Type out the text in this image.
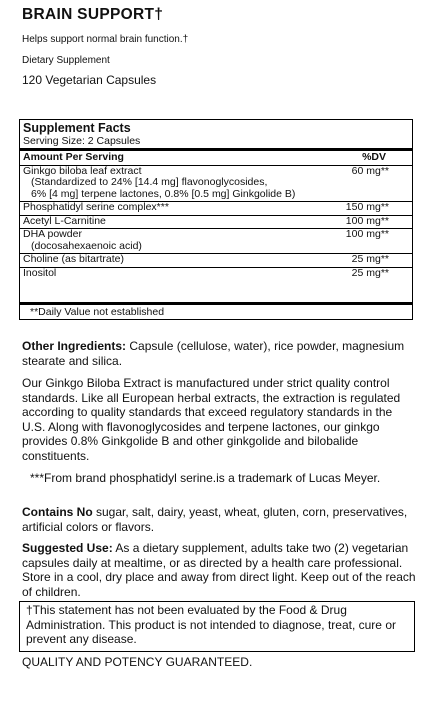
BRAIN SUPPORT†
Helps support normal brain function.†
Dietary Supplement
120 Vegetarian Capsules
Supplement Facts
Serving Size: 2 Capsules
Amount Per Serving	%DV
Ginkgo biloba leaf extract	60 mg**
(Standardized to 24% [14.4 mg] flavonoglycosides,
6% [4 mg] terpene lactones, 0.8% [0.5 mg] Ginkgolide B)
Phosphatidyl serine complex***	150 mg**
Acetyl L-Carnitine	100 mg**
DHA powder	100 mg**
(docosahexaenoic acid)
Choline (as bitartrate)	25 mg**
Inositol	25 mg**
**Daily Value not established
Other Ingredients: Capsule (cellulose, water), rice powder, magnesium stearate and silica.
Our Ginkgo Biloba Extract is manufactured under strict quality control standards. Like all European herbal extracts, the extraction is regulated according to quality standards that exceed regulatory standards in the U.S. Along with flavonoglycosides and terpene lactones, our ginkgo provides 0.8% Ginkgolide B and other ginkgolide and bilobalide constituents.
***From brand phosphatidyl serine.is a trademark of Lucas Meyer.
Contains No sugar, salt, dairy, yeast, wheat, gluten, corn, preservatives, artificial colors or flavors.
Suggested Use: As a dietary supplement, adults take two (2) vegetarian capsules daily at mealtime, or as directed by a health care professional. Store in a cool, dry place and away from direct light. Keep out of the reach of children.
†This statement has not been evaluated by the Food & Drug Administration. This product is not intended to diagnose, treat, cure or prevent any disease.
QUALITY AND POTENCY GUARANTEED.
